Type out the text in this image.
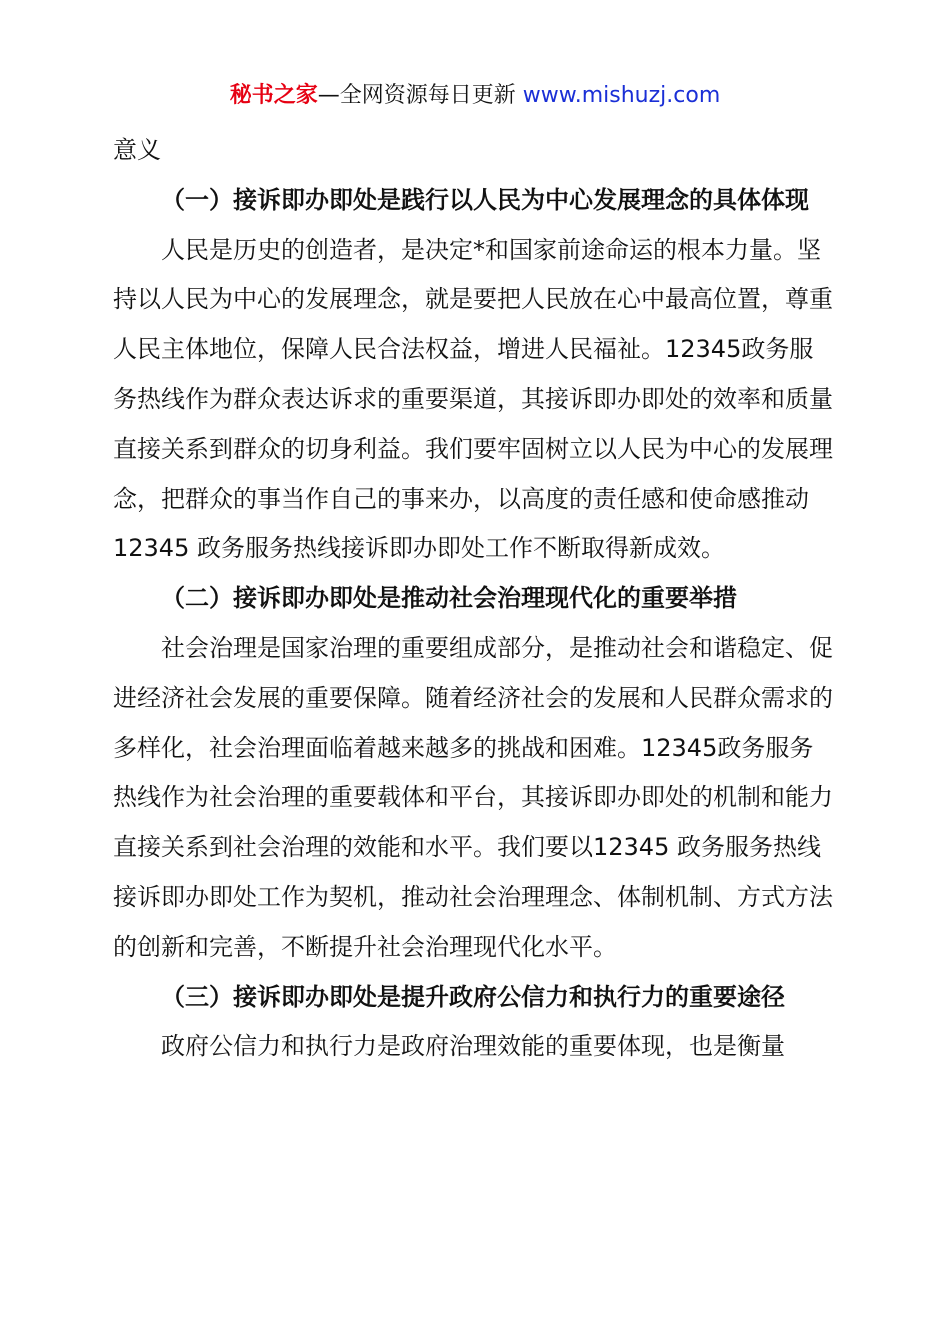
秘书之家—全网资源每日更新 www.mishuzj.com

意义

（一）接诉即办即处是践行以人民为中心发展理念的具体体现

人民是历史的创造者，是决定*和国家前途命运的根本力量。坚持以人民为中心的发展理念，就是要把人民放在心中最高位置，尊重人民主体地位，保障人民合法权益，增进人民福祉。12345政务服务热线作为群众表达诉求的重要渠道，其接诉即办即处的效率和质量直接关系到群众的切身利益。我们要牢固树立以人民为中心的发展理念，把群众的事当作自己的事来办，以高度的责任感和使命感推动 12345 政务服务热线接诉即办即处工作不断取得新成效。

（二）接诉即办即处是推动社会治理现代化的重要举措

社会治理是国家治理的重要组成部分，是推动社会和谐稳定、促进经济社会发展的重要保障。随着经济社会的发展和人民群众需求的多样化，社会治理面临着越来越多的挑战和困难。12345政务服务热线作为社会治理的重要载体和平台，其接诉即办即处的机制和能力直接关系到社会治理的效能和水平。我们要以12345 政务服务热线接诉即办即处工作为契机，推动社会治理理念、体制机制、方式方法的创新和完善，不断提升社会治理现代化水平。

（三）接诉即办即处是提升政府公信力和执行力的重要途径

政府公信力和执行力是政府治理效能的重要体现，也是衡量
